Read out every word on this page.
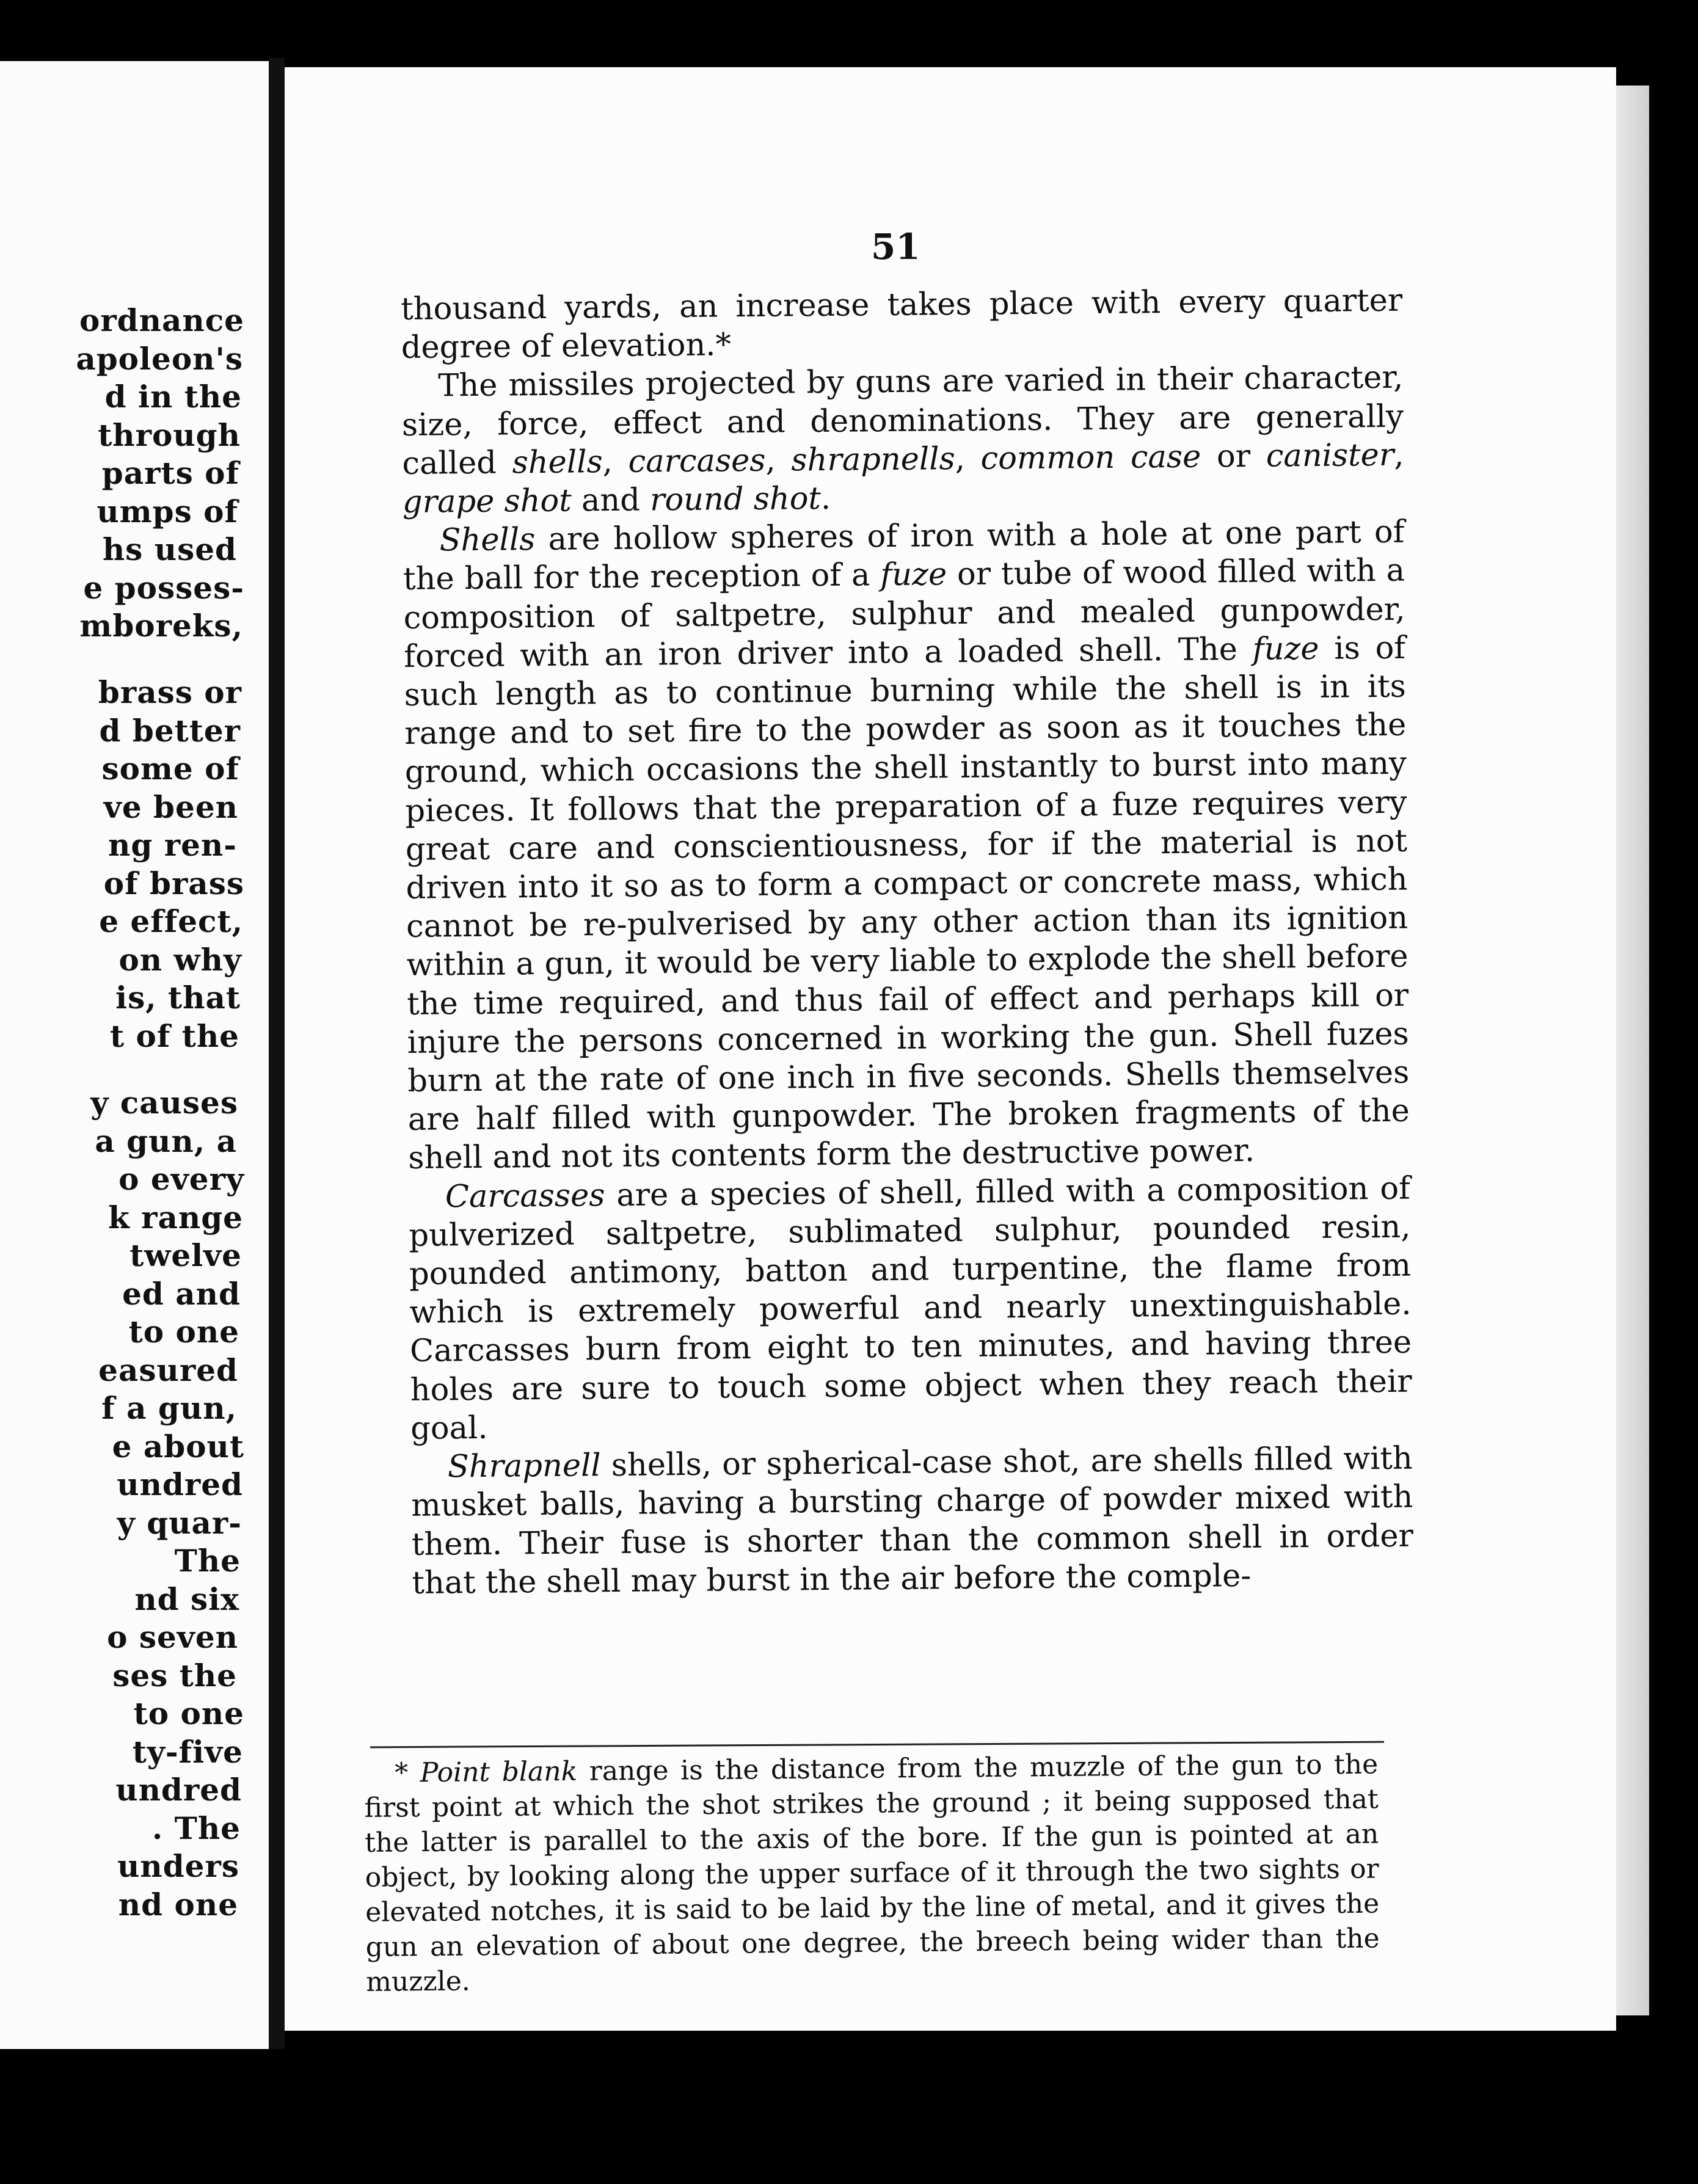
ordnance
apoleon's
d in the
through
parts of
umps of
hs used
e posses-
mboreks,
brass or
d better
some of
ve been
ng ren-
of brass
e effect,
on why
is, that
t of the
y causes
a gun, a
o every
k range
twelve
ed and
to one
easured
f a gun,
e about
undred
y quar-
The
nd six
o seven
ses the
to one
ty-five
undred
. The
unders
nd one
51

thousand yards, an increase takes place with every quarter degree of elevation.*

The missiles projected by guns are varied in their character, size, force, effect and denominations. They are generally called shells, carcases, shrapnells, common case or canister, grape shot and round shot.

Shells are hollow spheres of iron with a hole at one part of the ball for the reception of a fuze or tube of wood filled with a composition of saltpetre, sulphur and mealed gunpowder, forced with an iron driver into a loaded shell. The fuze is of such length as to continue burning while the shell is in its range and to set fire to the powder as soon as it touches the ground, which occasions the shell instantly to burst into many pieces. It follows that the preparation of a fuze requires very great care and conscientiousness, for if the material is not driven into it so as to form a compact or concrete mass, which cannot be re-pulverised by any other action than its ignition within a gun, it would be very liable to explode the shell before the time required, and thus fail of effect and perhaps kill or injure the persons concerned in working the gun. Shell fuzes burn at the rate of one inch in five seconds. Shells themselves are half filled with gunpowder. The broken fragments of the shell and not its contents form the destructive power.

Carcasses are a species of shell, filled with a composition of pulverized saltpetre, sublimated sulphur, pounded resin, pounded antimony, batton and turpentine, the flame from which is extremely powerful and nearly unextinguishable. Carcasses burn from eight to ten minutes, and having three holes are sure to touch some object when they reach their goal.

Shrapnell shells, or spherical-case shot, are shells filled with musket balls, having a bursting charge of powder mixed with them. Their fuse is shorter than the common shell in order that the shell may burst in the air before the comple-

* Point blank range is the distance from the muzzle of the gun to the first point at which the shot strikes the ground ; it being supposed that the latter is parallel to the axis of the bore. If the gun is pointed at an object, by looking along the upper surface of it through the two sights or elevated notches, it is said to be laid by the line of metal, and it gives the gun an elevation of about one degree, the breech being wider than the muzzle.
